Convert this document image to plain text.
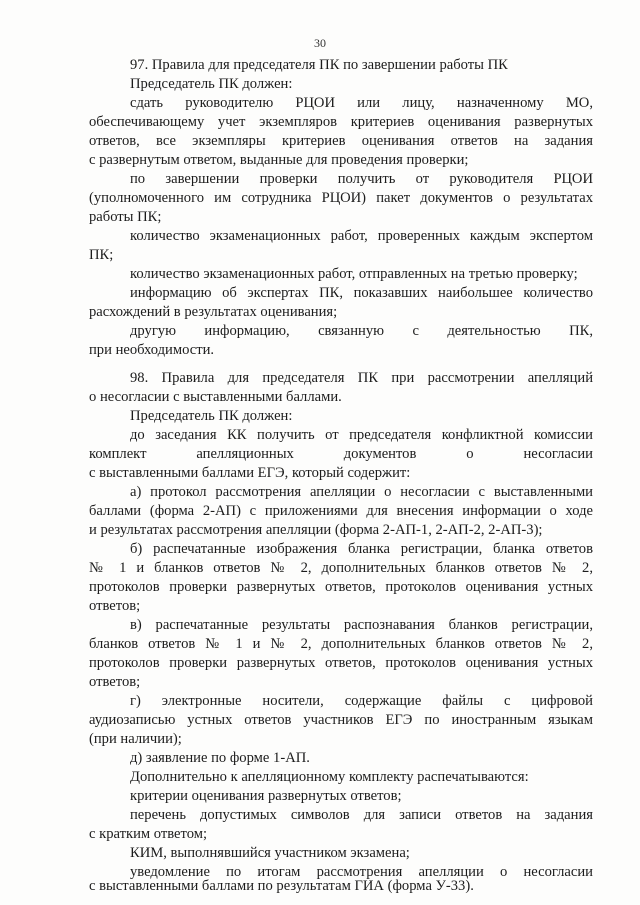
30
97. Правила для председателя ПК по завершении работы ПК
Председатель ПК должен:
сдать руководителю РЦОИ или лицу, назначенному МО,
обеспечивающему учет экземпляров критериев оценивания развернутых
ответов, все экземпляры критериев оценивания ответов на задания
с развернутым ответом, выданные для проведения проверки;
по завершении проверки получить от руководителя РЦОИ
(уполномоченного им сотрудника РЦОИ) пакет документов о результатах
работы ПК;
количество экзаменационных работ, проверенных каждым экспертом
ПК;
количество экзаменационных работ, отправленных на третью проверку;
информацию об экспертах ПК, показавших наибольшее количество
расхождений в результатах оценивания;
другую информацию, связанную с деятельностью ПК,
при необходимости.
98. Правила для председателя ПК при рассмотрении апелляций
о несогласии с выставленными баллами.
Председатель ПК должен:
до заседания КК получить от председателя конфликтной комиссии
комплект апелляционных документов о несогласии
с выставленными баллами ЕГЭ, который содержит:
а) протокол рассмотрения апелляции о несогласии с выставленными
баллами (форма 2-АП) с приложениями для внесения информации о ходе
и результатах рассмотрения апелляции (форма 2-АП-1, 2-АП-2, 2-АП-3);
б) распечатанные изображения бланка регистрации, бланка ответов
№ 1 и бланков ответов № 2, дополнительных бланков ответов № 2,
протоколов проверки развернутых ответов, протоколов оценивания устных
ответов;
в) распечатанные результаты распознавания бланков регистрации,
бланков ответов № 1 и № 2, дополнительных бланков ответов № 2,
протоколов проверки развернутых ответов, протоколов оценивания устных
ответов;
г) электронные носители, содержащие файлы с цифровой
аудиозаписью устных ответов участников ЕГЭ по иностранным языкам
(при наличии);
д) заявление по форме 1-АП.
Дополнительно к апелляционному комплекту распечатываются:
критерии оценивания развернутых ответов;
перечень допустимых символов для записи ответов на задания
с кратким ответом;
КИМ, выполнявшийся участником экзамена;
уведомление по итогам рассмотрения апелляции о несогласии
с выставленными баллами по результатам ГИА (форма У-33).
